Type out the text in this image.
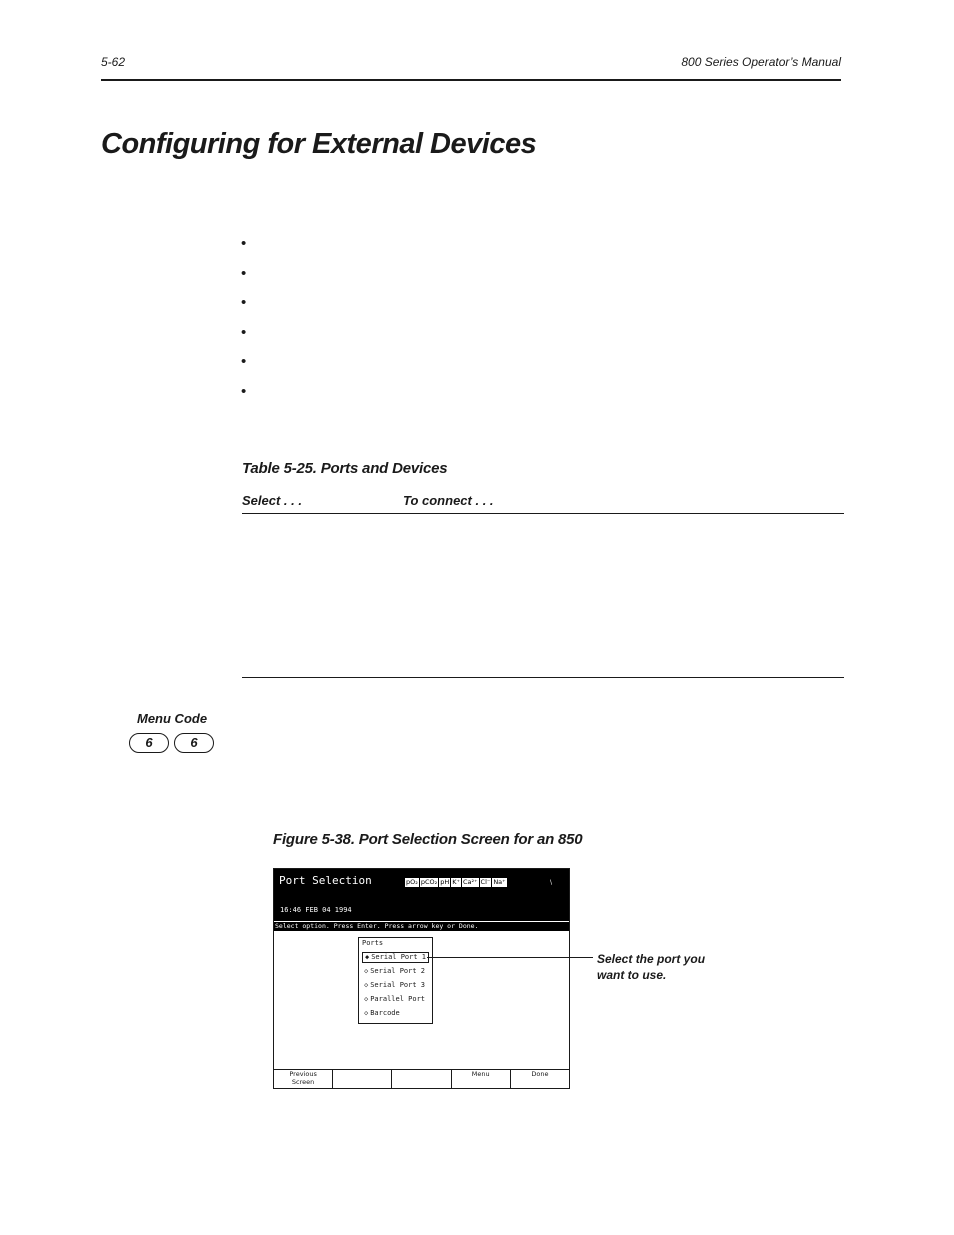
5-62	800 Series Operator’s Manual
Configuring for External Devices
•
•
•
•
•
•
Table 5-25. Ports and Devices
Select . . .	To connect . . .
Menu Code
6	6
Figure 5-38. Port Selection Screen for an 850
Port Selection	pO₂ pCO₂ pH K⁺ Ca²⁺ Cl⁻ Na⁺	\
16:46 FEB 04 1994
Select option. Press Enter. Press arrow key or Done.
Ports
◆ Serial Port 1
◇ Serial Port 2
◇ Serial Port 3
◇ Parallel Port
◇ Barcode
Previous
Screen
Menu	Done
Select the port you want to use.
